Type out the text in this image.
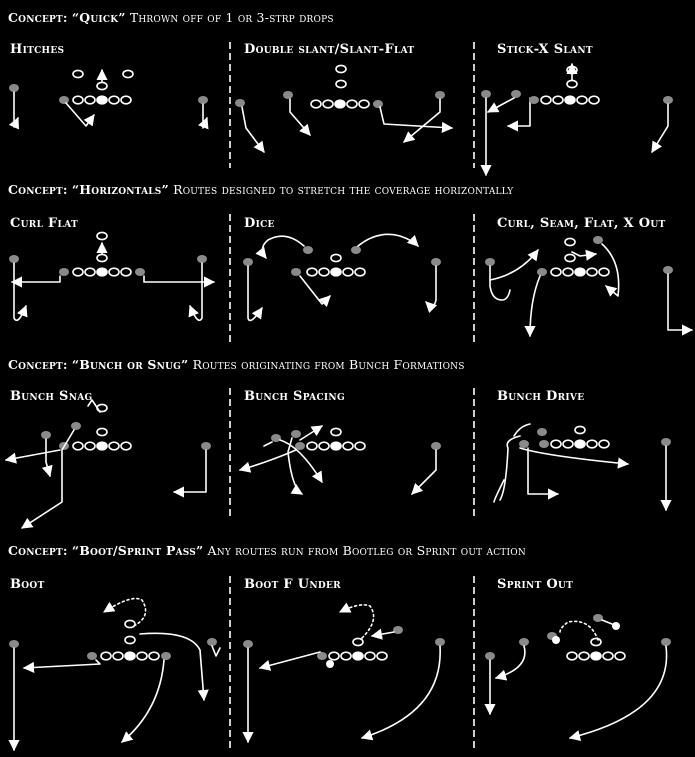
Concept: “Quick” Thrown off of 1 or 3-strp drops
Concept: “Horizontals” Routes designed to stretch the coverage horizontally
Concept: “Bunch or Snug” Routes originating from Bunch Formations
Concept: “Boot/Sprint Pass” Any routes run from Bootleg or Sprint out action
Hitches	Double slant/Slant-Flat	Stick-X Slant
Curl Flat	Dice	Curl, Seam, Flat, X Out
Bunch Snag	Bunch Spacing	Bunch Drive
Boot	Boot F Under	Sprint Out
